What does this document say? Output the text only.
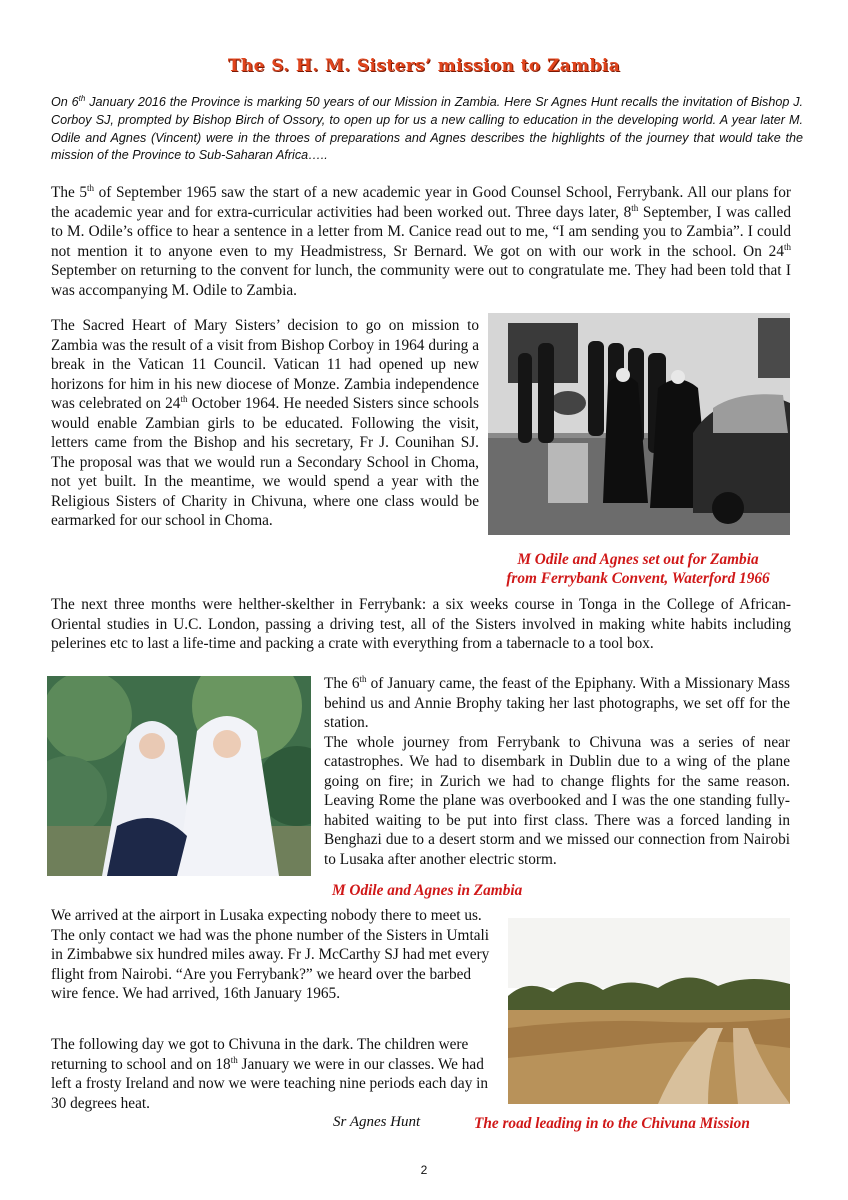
The S. H. M. Sisters’ mission to Zambia
On 6th January 2016 the Province is marking 50 years of our Mission in Zambia. Here Sr Agnes Hunt recalls the invitation of Bishop J. Corboy SJ, prompted by Bishop Birch of Ossory, to open up for us a new calling to education in the developing world. A year later M. Odile and Agnes (Vincent) were in the throes of preparations and Agnes describes the highlights of the journey that would take the mission of the Province to Sub-Saharan Africa…..

The 5th of September 1965 saw the start of a new academic year in Good Counsel School, Ferrybank. All our plans for the academic year and for extra-curricular activities had been worked out. Three days later, 8th September, I was called to M. Odile’s office to hear a sentence in a letter from M. Canice read out to me, “I am sending you to Zambia”. I could not mention it to anyone even to my Headmistress, Sr Bernard. We got on with our work in the school. On 24th September on returning to the convent for lunch, the community were out to congratulate me. They had been told that I was accompanying M. Odile to Zambia.

The Sacred Heart of Mary Sisters’ decision to go on mission to Zambia was the result of a visit from Bishop Corboy in 1964 during a break in the Vatican 11 Council. Vatican 11 had opened up new horizons for him in his new diocese of Monze. Zambia independence was celebrated on 24th October 1964. He needed Sisters since schools would enable Zambian girls to be educated. Following the visit, letters came from the Bishop and his secretary, Fr J. Counihan SJ. The proposal was that we would run a Secondary School in Choma, not yet built. In the meantime, we would spend a year with the Religious Sisters of Charity in Chivuna, where one class would be earmarked for our school in Choma.

M Odile and Agnes set out for Zambia
from Ferrybank Convent, Waterford 1966

The next three months were helther-skelther in Ferrybank: a six weeks course in Tonga in the College of African-Oriental studies in U.C. London, passing a driving test, all of the Sisters involved in making white habits including pelerines etc to last a life-time and packing a crate with everything from a tabernacle to a tool box.

The 6th of January came, the feast of the Epiphany. With a Missionary Mass behind us and Annie Brophy taking her last photographs, we set off for the station.
The whole journey from Ferrybank to Chivuna was a series of near catastrophes. We had to disembark in Dublin due to a wing of the plane going on fire; in Zurich we had to change flights for the same reason. Leaving Rome the plane was overbooked and I was the one standing fully-habited waiting to be put into first class. There was a forced landing in Benghazi due to a desert storm and we missed our connection from Nairobi to Lusaka after another electric storm.

M Odile and Agnes in Zambia

We arrived at the airport in Lusaka expecting nobody there to meet us. The only contact we had was the phone number of the Sisters in Umtali in Zimbabwe six hundred miles away. Fr J. McCarthy SJ had met every flight from Nairobi. “Are you Ferrybank?” we heard over the barbed wire fence. We had arrived, 16th January 1965.

The following day we got to Chivuna in the dark. The children were returning to school and on 18th January we were in our classes. We had left a frosty Ireland and now we were teaching nine periods each day in 30 degrees heat.

Sr Agnes Hunt	The road leading in to the Chivuna Mission
2
